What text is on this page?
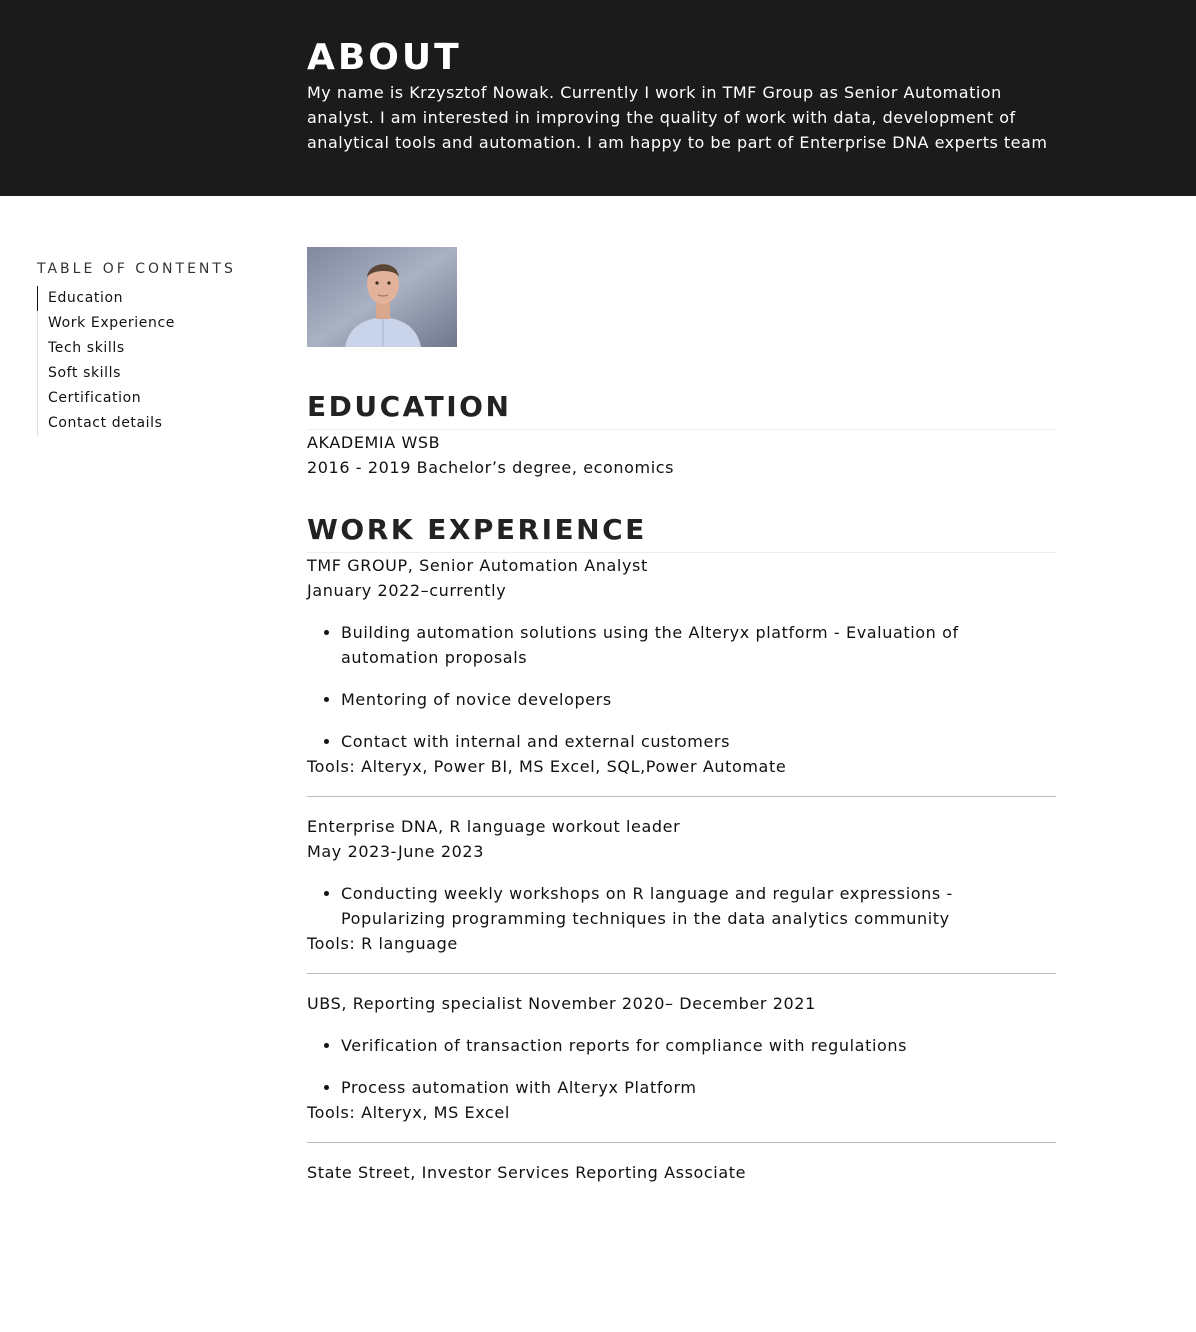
ABOUT

My name is Krzysztof Nowak. Currently I work in TMF Group as Senior Automation analyst. I am interested in improving the quality of work with data, development of analytical tools and automation. I am happy to be part of Enterprise DNA experts team

TABLE OF CONTENTS
Education
Work Experience
Tech skills
Soft skills
Certification
Contact details	EDUCATION

AKADEMIA WSB

2016 - 2019 Bachelor’s degree, economics

WORK EXPERIENCE

TMF GROUP, Senior Automation Analyst

January 2022–currently

• Building automation solutions using the Alteryx platform - Evaluation of automation proposals
• Mentoring of novice developers
• Contact with internal and external customers

Tools: Alteryx, Power BI, MS Excel, SQL,Power Automate

Enterprise DNA, R language workout leader

May 2023-June 2023

• Conducting weekly workshops on R language and regular expressions - Popularizing programming techniques in the data analytics community

Tools: R language

UBS, Reporting specialist November 2020– December 2021

• Verification of transaction reports for compliance with regulations
• Process automation with Alteryx Platform

Tools: Alteryx, MS Excel

State Street, Investor Services Reporting Associate
